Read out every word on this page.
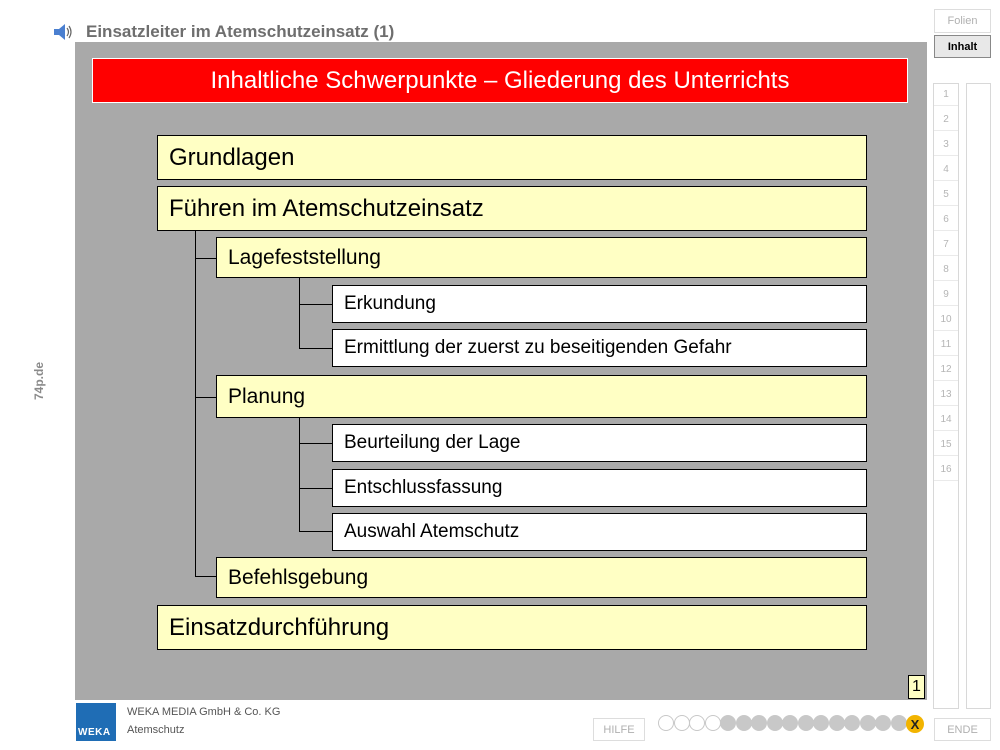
Einsatzleiter im Atemschutzeinsatz (1)
74p.de
Inhaltliche Schwerpunkte – Gliederung des Unterrichts
Grundlagen
Führen im Atemschutzeinsatz
Lagefeststellung
Erkundung
Ermittlung der zuerst zu beseitigenden Gefahr
Planung
Beurteilung der Lage
Entschlussfassung
Auswahl Atemschutz
Befehlsgebung
Einsatzdurchführung
1
Folien
Inhalt
1
2
3
4
5
6
7
8
9
10
11
12
13
14
15
16
WEKA
WEKA MEDIA GmbH & Co. KG
Atemschutz	HILFE	X	ENDE
